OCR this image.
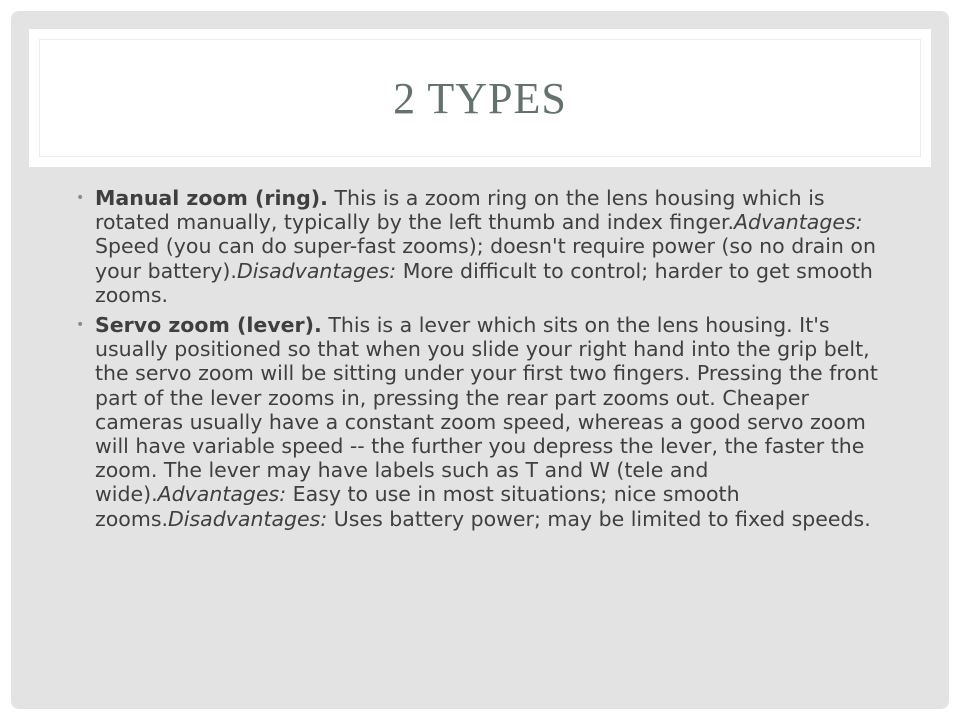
2 TYPES
• Manual zoom (ring). This is a zoom ring on the lens housing which is rotated manually, typically by the left thumb and index finger.Advantages: Speed (you can do super-fast zooms); doesn't require power (so no drain on your battery).Disadvantages: More difficult to control; harder to get smooth zooms.
• Servo zoom (lever). This is a lever which sits on the lens housing. It's usually positioned so that when you slide your right hand into the grip belt, the servo zoom will be sitting under your first two fingers. Pressing the front part of the lever zooms in, pressing the rear part zooms out. Cheaper cameras usually have a constant zoom speed, whereas a good servo zoom will have variable speed -- the further you depress the lever, the faster the zoom. The lever may have labels such as T and W (tele and wide).Advantages: Easy to use in most situations; nice smooth zooms.Disadvantages: Uses battery power; may be limited to fixed speeds.
